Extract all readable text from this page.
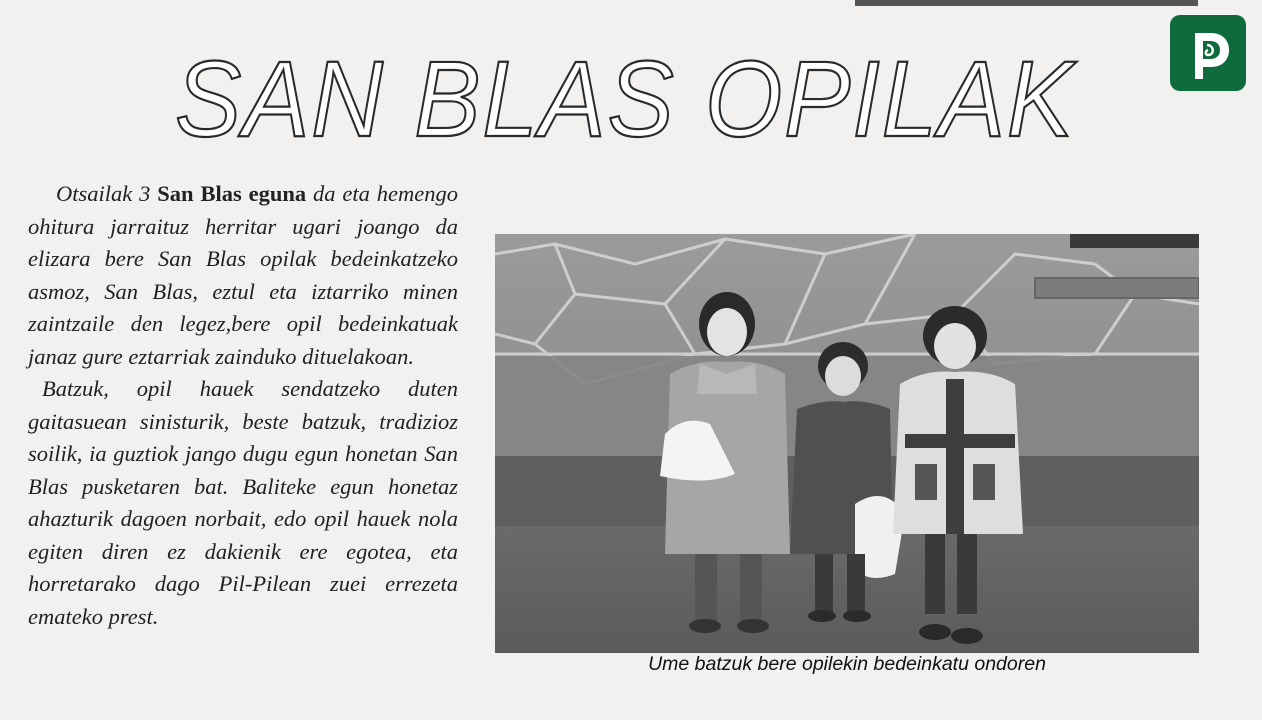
SAN BLAS OPILAK

Otsailak 3 San Blas eguna da eta hemengo ohitura jarraituz herritar ugari joango da elizara bere San Blas opilak bedeinkatzeko asmoz, San Blas, eztul eta iztarriko minen zaintzaile den legez,bere opil bedeinkatuak janaz gure eztarriak zainduko dituelakoan.

Batzuk, opil hauek sendatzeko duten gaitasuean sinisturik, beste batzuk, tradizioz soilik, ia guztiok jango dugu egun honetan San Blas pusketaren bat. Baliteke egun honetaz ahazturik dagoen norbait, edo opil hauek nola egiten diren ez dakienik ere egotea, eta horretarako dago Pil-Pilean zuei errezeta emateko prest.

Ume batzuk bere opilekin bedeinkatu ondoren
